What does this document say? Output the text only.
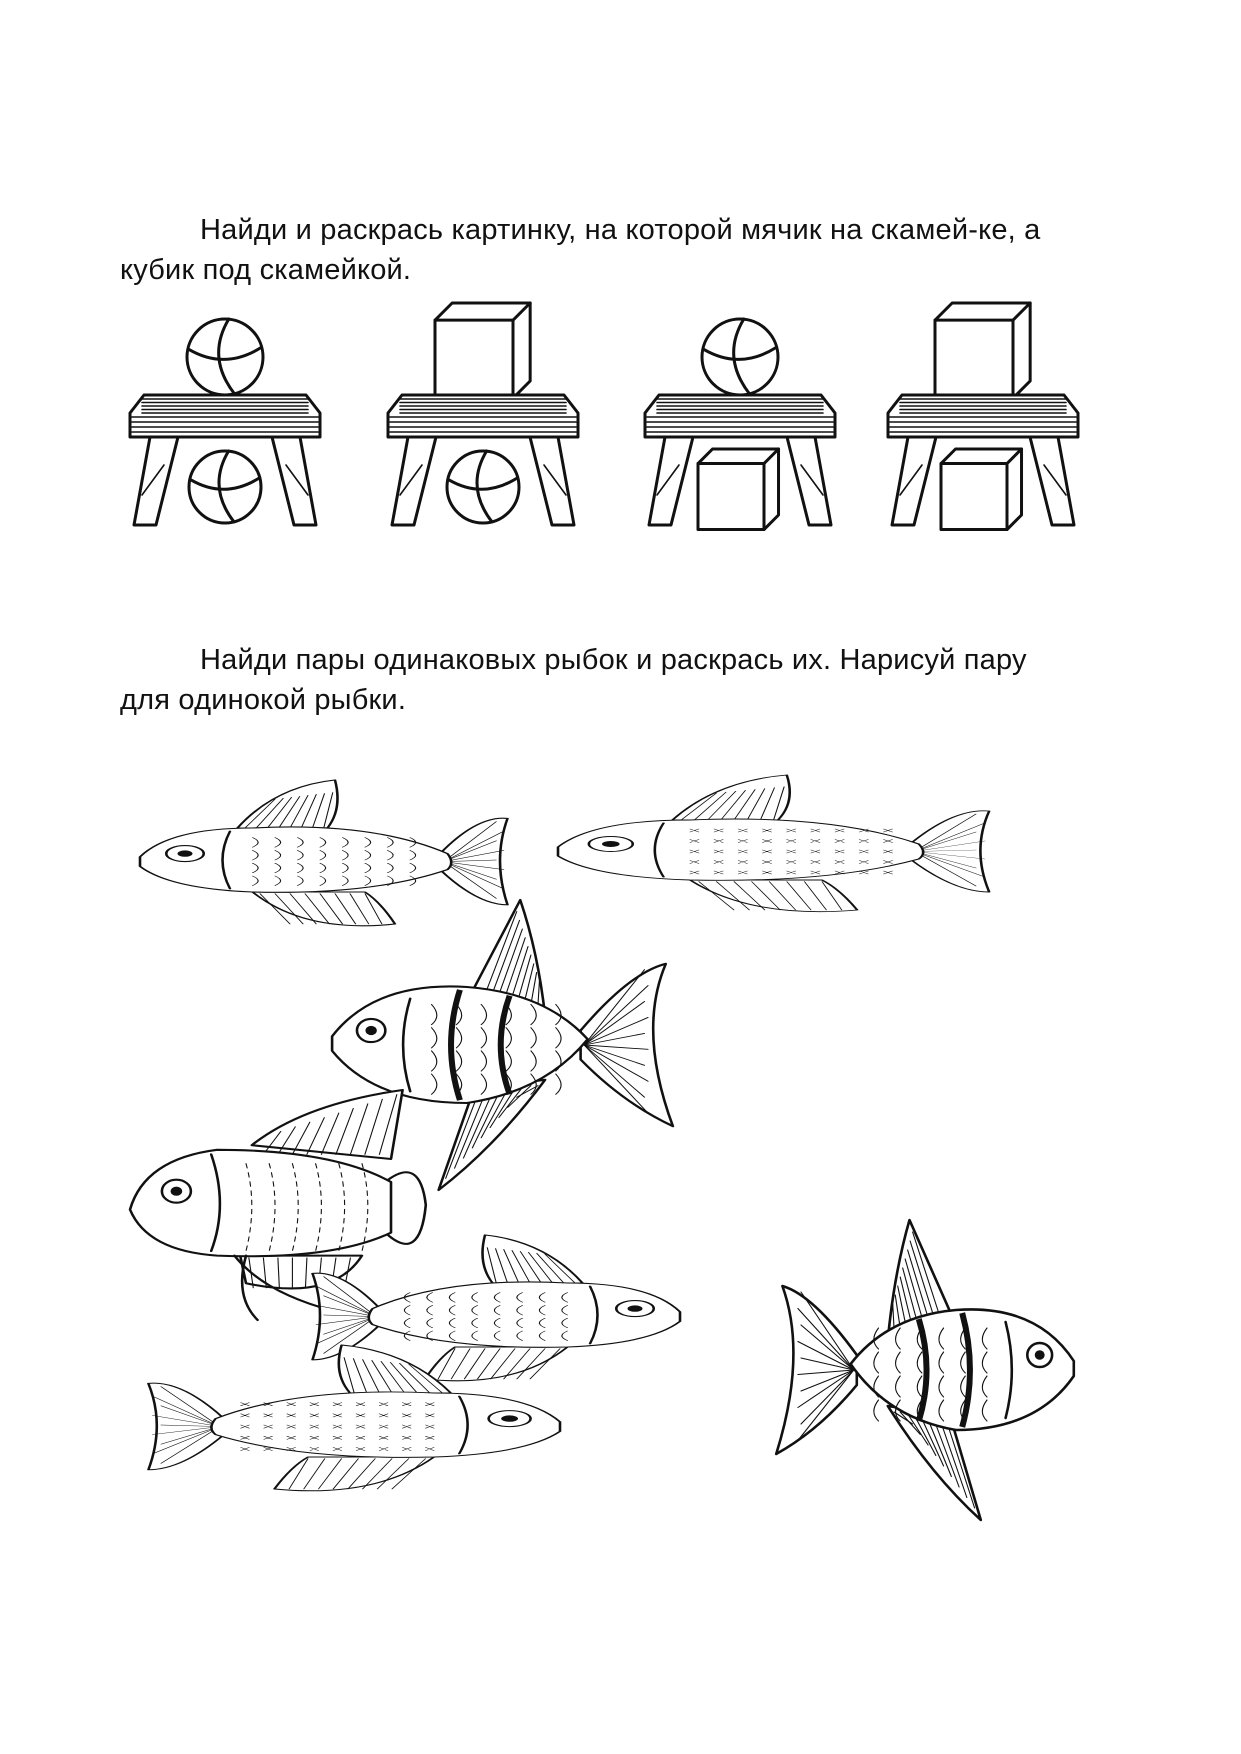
Найди и раскрась картинку, на которой мячик на скамей-ке, а кубик под скамейкой.

Найди пары одинаковых рыбок и раскрась их. Нарисуй пару для одинокой рыбки.
